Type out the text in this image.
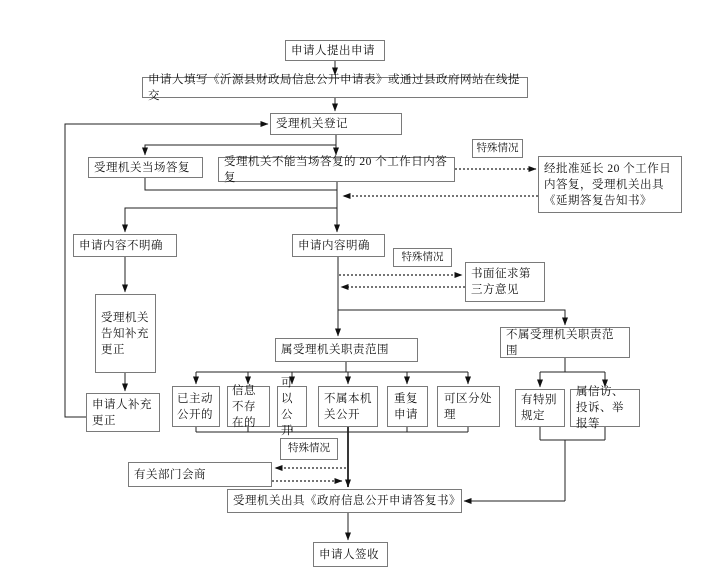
申请人提出申请
申请人填写《沂源县财政局信息公开申请表》或通过县政府网站在线提交
受理机关登记
受理机关当场答复	受理机关不能当场答复的 20 个工作日内答复
特殊情况
经批准延长 20 个工作日内答复，受理机关出具《延期答复告知书》
申请内容不明确	申请内容明确
特殊情况
书面征求第三方意见
受理机关告知补充更正
申请人补充更正
属受理机关职责范围
不属受理机关职责范围
已主动公开的
信息不存在的
可以公开
不属本机关公开
重复申请
可区分处理
有特别规定
属信访、投诉、举报等
特殊情况
有关部门会商
受理机关出具《政府信息公开申请答复书》
申请人签收
